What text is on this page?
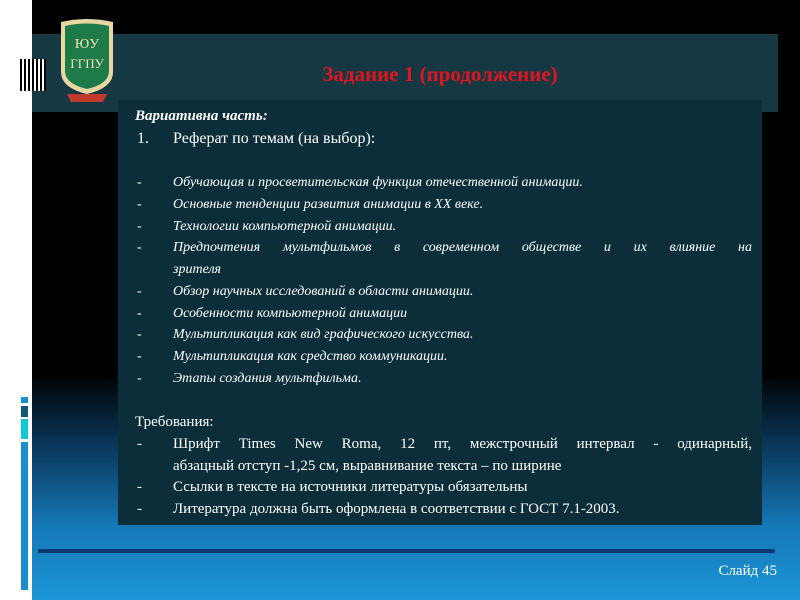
ЮУ
ГГПУ	Задание 1 (продолжение)
Вариативна часть:
1.	Реферат по темам (на выбор):
-	Обучающая и просветительская функция отечественной анимации.
-	Основные тенденции развития анимации в XX веке.
-	Технологии компьютерной анимации.
-	Предпочтения мультфильмов в современном обществе и их влияние на
зрителя
-	Обзор научных исследований в области анимации.
-	Особенности компьютерной анимации
-	Мультипликация как вид графического искусства.
-	Мультипликация как средство коммуникации.
-	Этапы создания мультфильма.
Требования:
-	Шрифт Times New Roma, 12 пт, межстрочный интервал - одинарный,
абзацный отступ -1,25 см, выравнивание текста – по ширине
-	Ссылки в тексте на источники литературы обязательны
-	Литература должна быть оформлена в соответствии с ГОСТ 7.1-2003.
Слайд 45
